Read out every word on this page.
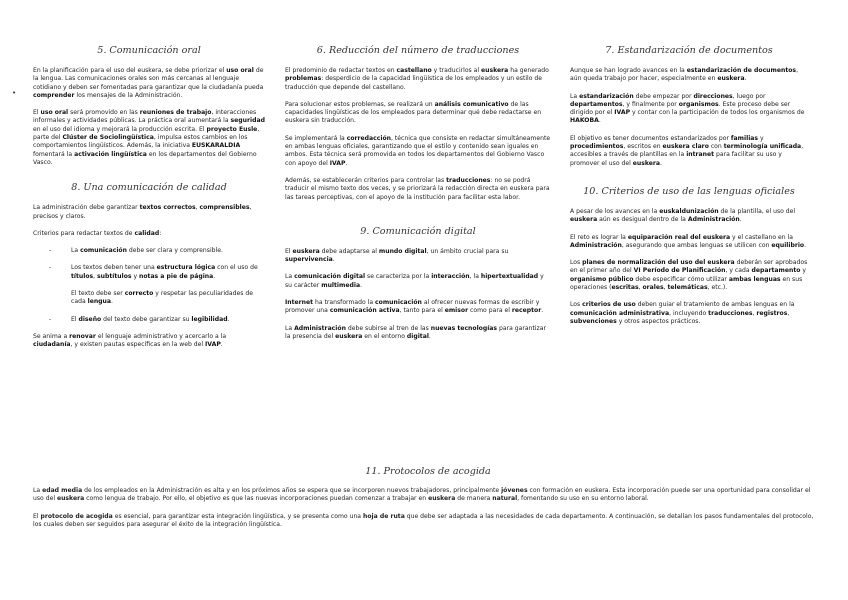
•
5. Comunicación oral

En la planificación para el uso del euskera, se debe priorizar el uso oral de la lengua. Las comunicaciones orales son más cercanas al lenguaje cotidiano y deben ser fomentadas para garantizar que la ciudadanía pueda comprender los mensajes de la Administración.

El uso oral será promovido en las reuniones de trabajo, interacciones informales y actividades públicas. La práctica oral aumentará la seguridad en el uso del idioma y mejorará la producción escrita. El proyecto Eusle, parte del Clúster de Sociolingüística, impulsa estos cambios en los comportamientos lingüísticos. Además, la iniciativa EUSKARALDIA fomentará la activación lingüística en los departamentos del Gobierno Vasco.

8. Una comunicación de calidad

La administración debe garantizar textos correctos, comprensibles, precisos y claros.

Criterios para redactar textos de calidad:

-	La comunicación debe ser clara y comprensible.
-	Los textos deben tener una estructura lógica con el uso de títulos, subtítulos y notas a pie de página.
El texto debe ser correcto y respetar las peculiaridades de cada lengua.
-	El diseño del texto debe garantizar su legibilidad.

Se anima a renovar el lenguaje administrativo y acercarlo a la ciudadanía, y existen pautas específicas en la web del IVAP.

6. Reducción del número de traducciones

El predominio de redactar textos en castellano y traducirlos al euskera ha generado problemas: desperdicio de la capacidad lingüística de los empleados y un estilo de traducción que depende del castellano.

Para solucionar estos problemas, se realizará un análisis comunicativo de las capacidades lingüísticas de los empleados para determinar qué debe redactarse en euskera sin traducción.

Se implementará la corredacción, técnica que consiste en redactar simultáneamente en ambas lenguas oficiales, garantizando que el estilo y contenido sean iguales en ambos. Esta técnica será promovida en todos los departamentos del Gobierno Vasco con apoyo del IVAP.

Además, se establecerán criterios para controlar las traducciones: no se podrá traducir el mismo texto dos veces, y se priorizará la redacción directa en euskera para las tareas perceptivas, con el apoyo de la institución para facilitar esta labor.

9. Comunicación digital

El euskera debe adaptarse al mundo digital, un ámbito crucial para su supervivencia.

La comunicación digital se caracteriza por la interacción, la hipertextualidad y su carácter multimedia.

Internet ha transformado la comunicación al ofrecer nuevas formas de escribir y promover una comunicación activa, tanto para el emisor como para el receptor.

La Administración debe subirse al tren de las nuevas tecnologías para garantizar la presencia del euskera en el entorno digital.

7. Estandarización de documentos

Aunque se han logrado avances en la estandarización de documentos, aún queda trabajo por hacer, especialmente en euskera.

La estandarización debe empezar por direcciones, luego por departamentos, y finalmente por organismos. Este proceso debe ser dirigido por el IVAP y contar con la participación de todos los organismos de HAKOBA.

El objetivo es tener documentos estandarizados por familias y procedimientos, escritos en euskera claro con terminología unificada, accesibles a través de plantillas en la intranet para facilitar su uso y promover el uso del euskera.

10. Criterios de uso de las lenguas oficiales

A pesar de los avances en la euskaldunización de la plantilla, el uso del euskera aún es desigual dentro de la Administración.

El reto es lograr la equiparación real del euskera y el castellano en la Administración, asegurando que ambas lenguas se utilicen con equilibrio.

Los planes de normalización del uso del euskera deberán ser aprobados en el primer año del VI Período de Planificación, y cada departamento y organismo público debe especificar cómo utilizar ambas lenguas en sus operaciones (escritas, orales, telemáticas, etc.).

Los criterios de uso deben guiar el tratamiento de ambas lenguas en la comunicación administrativa, incluyendo traducciones, registros, subvenciones y otros aspectos prácticos.

11. Protocolos de acogida

La edad media de los empleados en la Administración es alta y en los próximos años se espera que se incorporen nuevos trabajadores, principalmente jóvenes con formación en euskera. Esta incorporación puede ser una oportunidad para consolidar el uso del euskera como lengua de trabajo. Por ello, el objetivo es que las nuevas incorporaciones puedan comenzar a trabajar en euskera de manera natural, fomentando su uso en su entorno laboral.

El protocolo de acogida es esencial, para garantizar esta integración lingüística, y se presenta como una hoja de ruta que debe ser adaptada a las necesidades de cada departamento. A continuación, se detallan los pasos fundamentales del protocolo, los cuales deben ser seguidos para asegurar el éxito de la integración lingüística.
